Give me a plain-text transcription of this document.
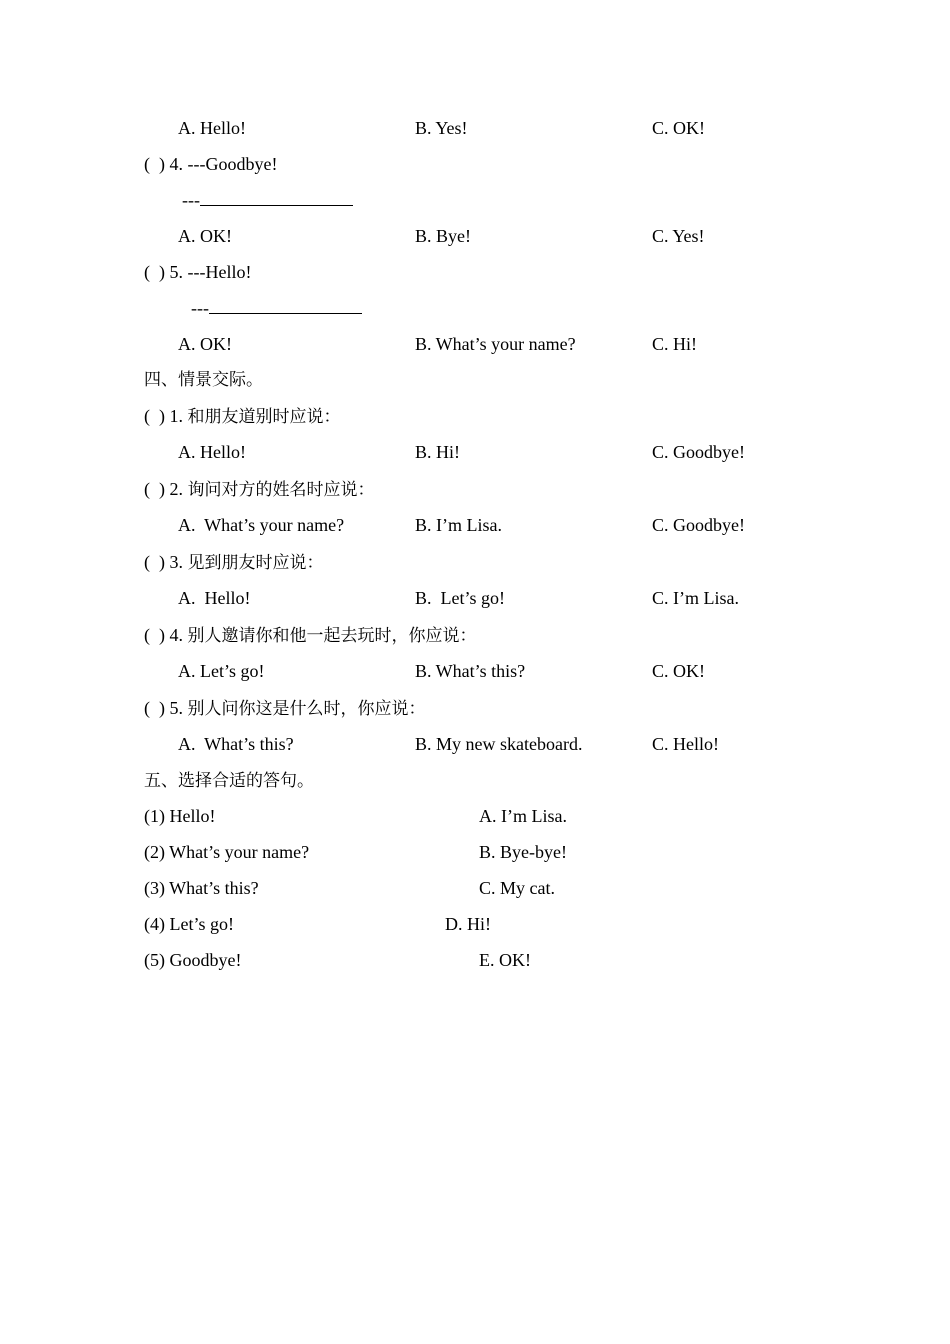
A. Hello!	B. Yes!	C. OK!
(  ) 4. ---Goodbye!
---
A. OK!	B. Bye!	C. Yes!
(  ) 5. ---Hello!
---
A. OK!	B. What’s your name?	C. Hi!
四、情景交际。
(  ) 1. 和朋友道别时应说：
A. Hello!	B. Hi!	C. Goodbye!
(  ) 2. 询问对方的姓名时应说：
A.  What’s your name?	B. I’m Lisa.	C. Goodbye!
(  ) 3. 见到朋友时应说：
A.  Hello!	B.  Let’s go!	C. I’m Lisa.
(  ) 4. 别人邀请你和他一起去玩时，你应说：
A. Let’s go!	B. What’s this?	C. OK!
(  ) 5. 别人问你这是什么时，你应说：
A.  What’s this?	B. My new skateboard.	C. Hello!
五、选择合适的答句。
(1) Hello!	A. I’m Lisa.
(2) What’s your name?	B. Bye-bye!
(3) What’s this?	C. My cat.
(4) Let’s go!	D. Hi!
(5) Goodbye!	E. OK!
